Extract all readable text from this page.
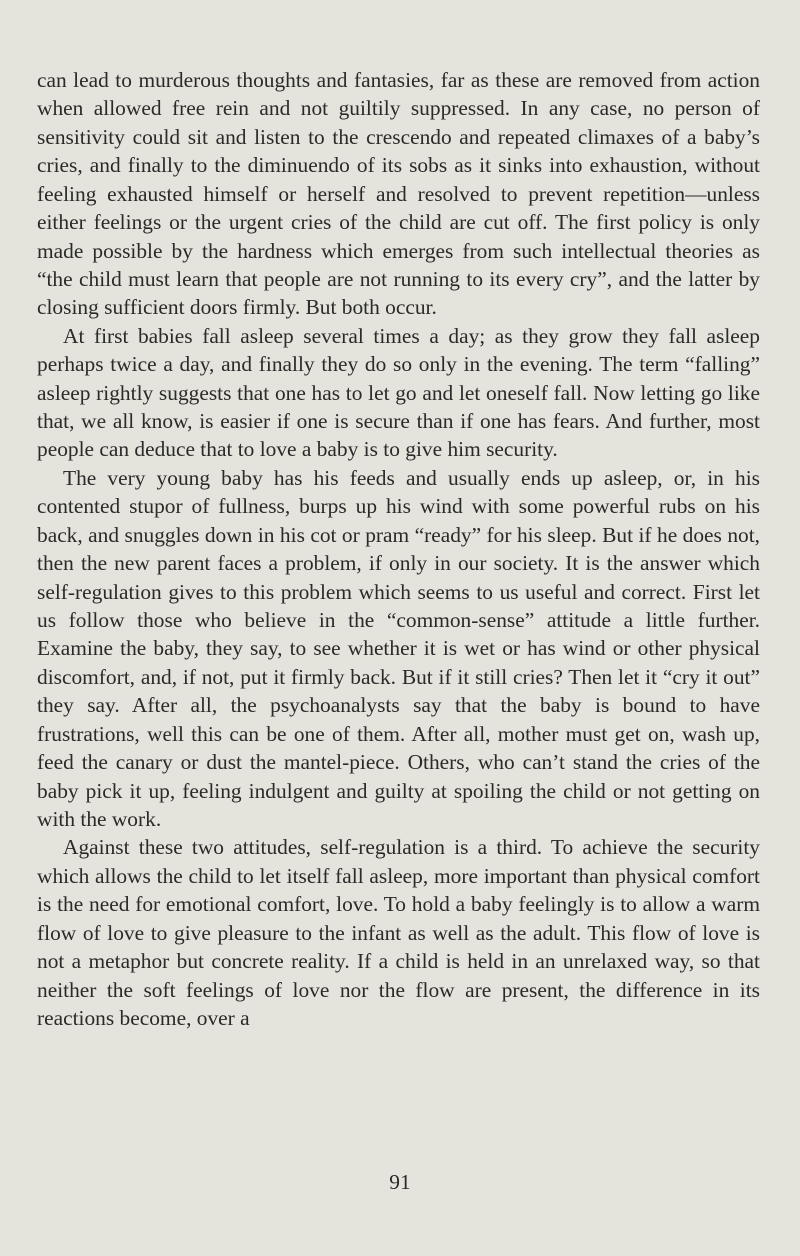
can lead to murderous thoughts and fantasies, far as these are removed from action when allowed free rein and not guiltily suppressed. In any case, no person of sensitivity could sit and listen to the crescendo and repeated climaxes of a baby’s cries, and finally to the diminuendo of its sobs as it sinks into exhaustion, without feeling exhausted himself or herself and resolved to prevent repetition—unless either feelings or the urgent cries of the child are cut off. The first policy is only made possible by the hardness which emerges from such intellectual theories as “the child must learn that people are not running to its every cry”, and the latter by closing sufficient doors firmly. But both occur.

At first babies fall asleep several times a day; as they grow they fall asleep perhaps twice a day, and finally they do so only in the evening. The term “falling” asleep rightly suggests that one has to let go and let oneself fall. Now letting go like that, we all know, is easier if one is secure than if one has fears. And further, most people can deduce that to love a baby is to give him security.

The very young baby has his feeds and usually ends up asleep, or, in his contented stupor of fullness, burps up his wind with some powerful rubs on his back, and snuggles down in his cot or pram “ready” for his sleep. But if he does not, then the new parent faces a problem, if only in our society. It is the answer which self-regulation gives to this problem which seems to us useful and correct. First let us follow those who believe in the “common-sense” attitude a little further. Examine the baby, they say, to see whether it is wet or has wind or other physical discomfort, and, if not, put it firmly back. But if it still cries? Then let it “cry it out” they say. After all, the psychoanalysts say that the baby is bound to have frustrations, well this can be one of them. After all, mother must get on, wash up, feed the canary or dust the mantel-piece. Others, who can’t stand the cries of the baby pick it up, feeling indulgent and guilty at spoiling the child or not getting on with the work.

Against these two attitudes, self-regulation is a third. To achieve the security which allows the child to let itself fall asleep, more important than physical comfort is the need for emotional comfort, love. To hold a baby feelingly is to allow a warm flow of love to give pleasure to the infant as well as the adult. This flow of love is not a metaphor but concrete reality. If a child is held in an unrelaxed way, so that neither the soft feelings of love nor the flow are present, the difference in its reactions become, over a

91
